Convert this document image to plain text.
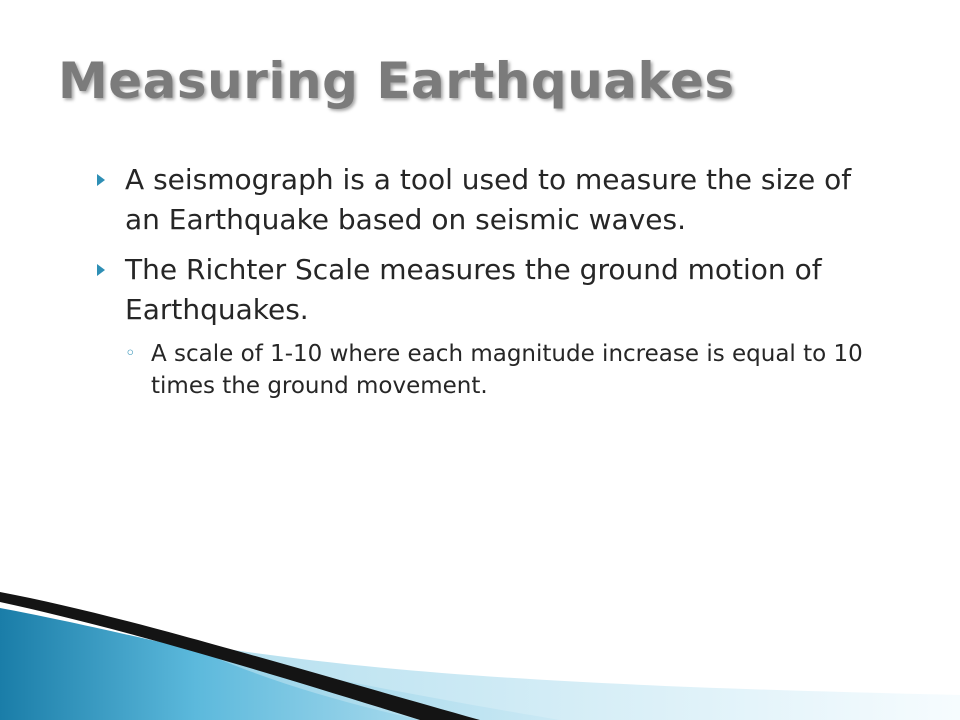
Measuring Earthquakes
A seismograph is a tool used to measure the size of an Earthquake based on seismic waves.
The Richter Scale measures the ground motion of Earthquakes.
◦ A scale of 1-10 where each magnitude increase is equal to 10 times the ground movement.
